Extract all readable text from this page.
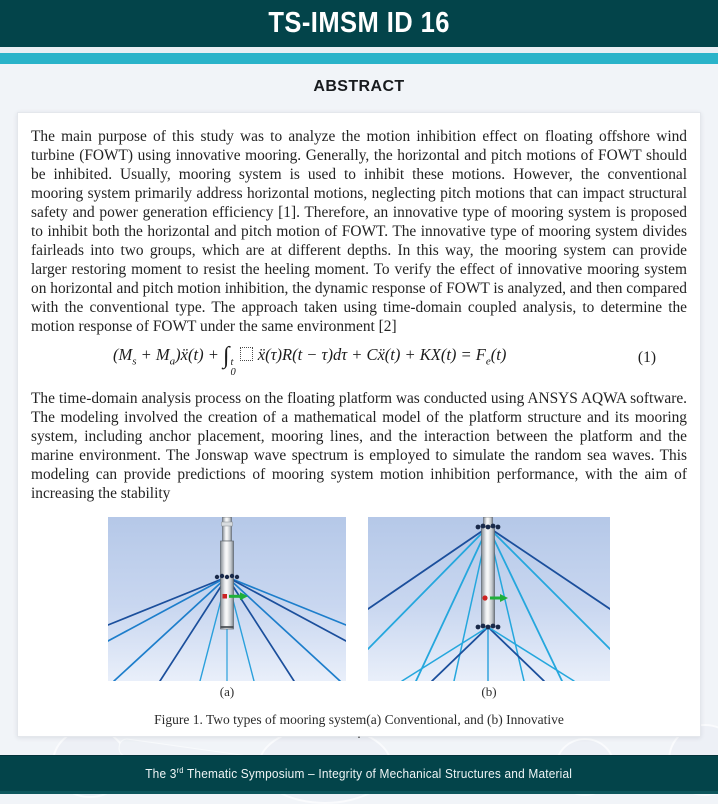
TS-IMSM ID 16
ABSTRACT

The main purpose of this study was to analyze the motion inhibition effect on floating offshore wind turbine (FOWT) using innovative mooring. Generally, the horizontal and pitch motions of FOWT should be inhibited. Usually, mooring system is used to inhibit these motions. However, the conventional mooring system primarily address horizontal motions, neglecting pitch motions that can impact structural safety and power generation efficiency [1]. Therefore, an innovative type of mooring system is proposed to inhibit both the horizontal and pitch motion of FOWT. The innovative type of mooring system divides fairleads into two groups, which are at different depths. In this way, the mooring system can provide larger restoring moment to resist the heeling moment. To verify the effect of innovative mooring system on horizontal and pitch motion inhibition, the dynamic response of FOWT is analyzed, and then compared with the conventional type. The approach taken using time-domain coupled analysis, to determine the motion response of FOWT under the same environment [2]

($M_s$ + $M_a)ẍ(t)$ + ∫ t
0
ẍ(τ)R(t − τ)dτ + Cẍ(t) + $KX(t) = F_e(t)$	(1)

The time-domain analysis process on the floating platform was conducted using ANSYS AQWA software. The modeling involved the creation of a mathematical model of the platform structure and its mooring system, including anchor placement, mooring lines, and the interaction between the platform and the marine environment. The Jonswap wave spectrum is employed to simulate the random sea waves. This modeling can provide predictions of mooring system motion inhibition performance, with the aim of increasing the stability

(a)	(b)
Figure 1. Two types of mooring system(a) Conventional, and (b) Innovative
.
The 3rd Thematic Symposium – Integrity of Mechanical Structures and Material
